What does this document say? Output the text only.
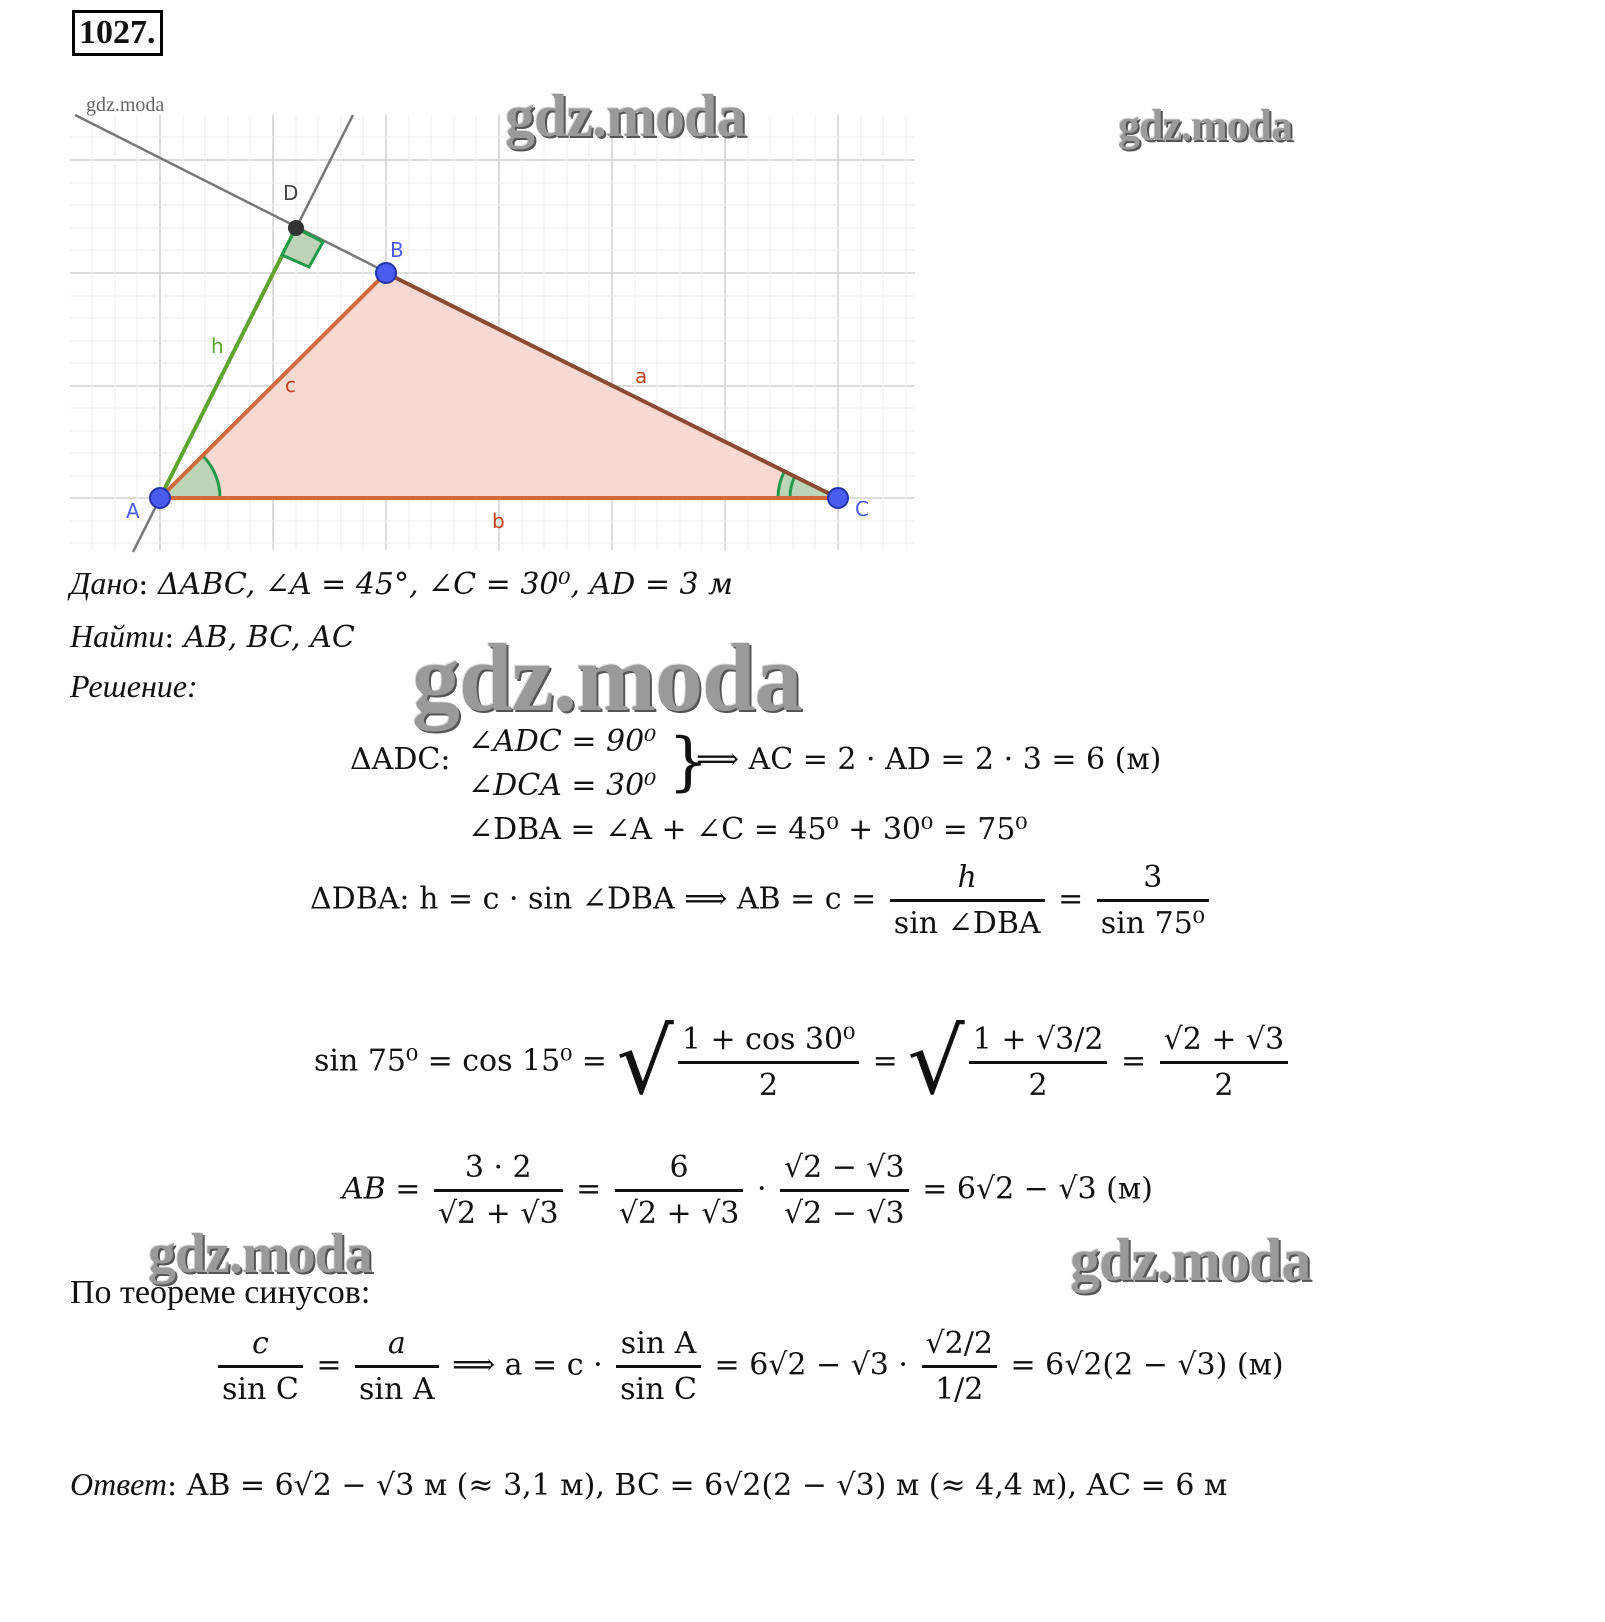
1027.
D
B
A	C
h
c	a
b
gdz.moda	gdz.moda	gdz.moda
gdz.moda
gdz.moda	gdz.moda
Дано: ΔABC, ∠A = 45°, ∠C = 30⁰, AD = 3 м
Найти: AB, BC, AC
Решение:
ΔADC:
∠ADC = 90⁰
∠DCA = 30⁰ }
⟹ AC = 2 · AD = 2 · 3 = 6 (м)
∠DBA = ∠A + ∠C = 45⁰ + 30⁰ = 75⁰
ΔDBA: h = c · sin ∠DBA ⟹ AB = $c = \frac{h}{\text{sin ∠DBA}} = \frac{3}{\text{sin 75⁰}}$
sin 75⁰ = cos 15⁰ = √ $\frac{\text{1 + cos 30⁰}}{2}$ = √ $\frac{1 + √3/2}{2} = \frac{√2 + √3}{2}$
AB = $\frac{3 \cdot 2}{√2 + √3} = \frac{6}{√2 + √3} \cdot \frac{√2 - √3}{√2 - √3} = 6√2 - √3$ (м)
По теореме синусов:
$\frac{c}{\text{sin C}} = \frac{a}{\text{sin A}}$ ⟹ $a = c \cdot \frac{\text{sin A}}{\text{sin C}} = 6√2 - √3 \cdot \frac{√2/2}{1/2} = 6√2(2 - √3)$ (м)
Ответ: AB = 6√2 − √3 м (≈ 3,1 м), BC = 6√2(2 − √3) м (≈ 4,4 м), AC = 6 м
